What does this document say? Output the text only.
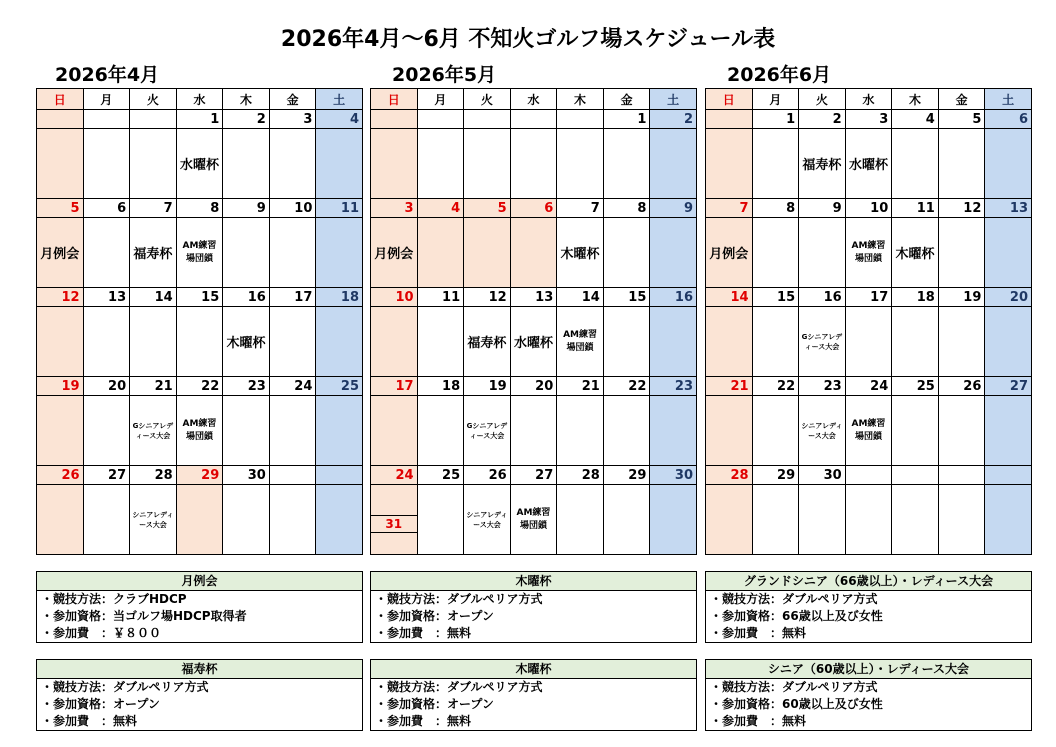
2026年4月～6月 不知火ゴルフ場スケジュール表
2026年4月	2026年5月	2026年6月
日	月	火	水	木	金	土
			1	2	3	4
			水曜杯			
5	6	7	8	9	10	11
月例会		福寿杯	AM練習場団鎖			

12	13	14	15	16	17	18
				木曜杯		
19	20	21	22	23	24	25

		Gシニアレディース大会	AM練習場団鎖			

26	27	28	29	30		

		シニアレディース大会				

日	月	火	水	木	金	土
					1	2

3	4	5	6	7	8	9
月例会				木曜杯		
10	11	12	13	14	15	16
		福寿杯	水曜杯	AM練習場団鎖		

17	18	19	20	21	22	23

		Gシニアレディース大会				

24	25	26	27	28	29	30

31		シニアレディース大会	AM練習場団鎖			

日	月	火	水	木	金	土
	1	2	3	4	5	6
		福寿杯	水曜杯			
7	8	9	10	11	12	13
月例会			AM練習場団鎖	木曜杯		
14	15	16	17	18	19	20

		Gシニアレディース大会				

21	22	23	24	25	26	27

		シニアレディース大会	AM練習場団鎖			

28	29	30				

月例会
・競技方法：クラブHDCP
・参加資格：当ゴルフ場HDCP取得者
・参加費　：￥８００
木曜杯
・競技方法：ダブルペリア方式
・参加資格：オープン
・参加費　：無料
グランドシニア（66歳以上）・レディース大会
・競技方法：ダブルペリア方式
・参加資格：66歳以上及び女性
・参加費　：無料
福寿杯
・競技方法：ダブルペリア方式
・参加資格：オープン
・参加費　：無料
木曜杯
・競技方法：ダブルペリア方式
・参加資格：オープン
・参加費　：無料
シニア（60歳以上）・レディース大会
・競技方法：ダブルペリア方式
・参加資格：60歳以上及び女性
・参加費　：無料
